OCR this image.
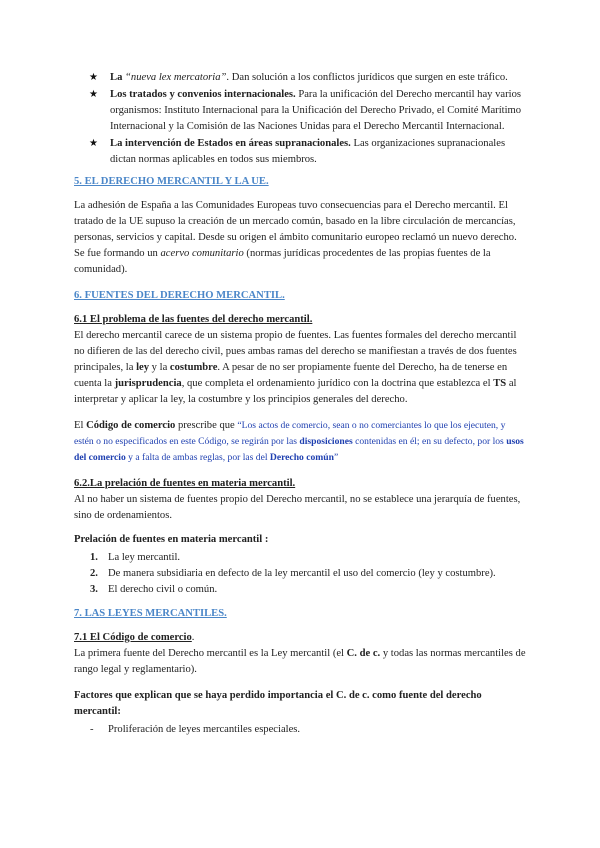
★ La “nueva lex mercatoria”. Dan solución a los conflictos jurídicos que surgen en este tráfico.
★ Los tratados y convenios internacionales. Para la unificación del Derecho mercantil hay varios organismos: Instituto Internacional para la Unificación del Derecho Privado, el Comité Marítimo Internacional y la Comisión de las Naciones Unidas para el Derecho Mercantil Internacional.
★ La intervención de Estados en áreas supranacionales. Las organizaciones supranacionales dictan normas aplicables en todos sus miembros.
5. EL DERECHO MERCANTIL Y LA UE.

La adhesión de España a las Comunidades Europeas tuvo consecuencias para el Derecho mercantil. El tratado de la UE supuso la creación de un mercado común, basado en la libre circulación de mercancías, personas, servicios y capital. Desde su origen el ámbito comunitario europeo reclamó un nuevo derecho. Se fue formando un acervo comunitario (normas jurídicas procedentes de las propias fuentes de la comunidad).

6. FUENTES DEL DERECHO MERCANTIL.
6.1 El problema de las fuentes del derecho mercantil.

El derecho mercantil carece de un sistema propio de fuentes. Las fuentes formales del derecho mercantil no difieren de las del derecho civil, pues ambas ramas del derecho se manifiestan a través de dos fuentes principales, la ley y la costumbre. A pesar de no ser propiamente fuente del Derecho, ha de tenerse en cuenta la jurisprudencia, que completa el ordenamiento jurídico con la doctrina que establezca el TS al interpretar y aplicar la ley, la costumbre y los principios generales del derecho.

El Código de comercio prescribe que “Los actos de comercio, sean o no comerciantes lo que los ejecuten, y estén o no especificados en este Código, se regirán por las disposiciones contenidas en él; en su defecto, por los usos del comercio y a falta de ambas reglas, por las del Derecho común”

6.2.La prelación de fuentes en materia mercantil.

Al no haber un sistema de fuentes propio del Derecho mercantil, no se establece una jerarquía de fuentes, sino de ordenamientos.

Prelación de fuentes en materia mercantil :
1. La ley mercantil.
2. De manera subsidiaria en defecto de la ley mercantil el uso del comercio (ley y costumbre).
3. El derecho civil o común.
7. LAS LEYES MERCANTILES.
7.1 El Código de comercio.

La primera fuente del Derecho mercantil es la Ley mercantil (el C. de c. y todas las normas mercantiles de rango legal y reglamentario).

Factores que explican que se haya perdido importancia el C. de c. como fuente del derecho mercantil:
- Proliferación de leyes mercantiles especiales.
